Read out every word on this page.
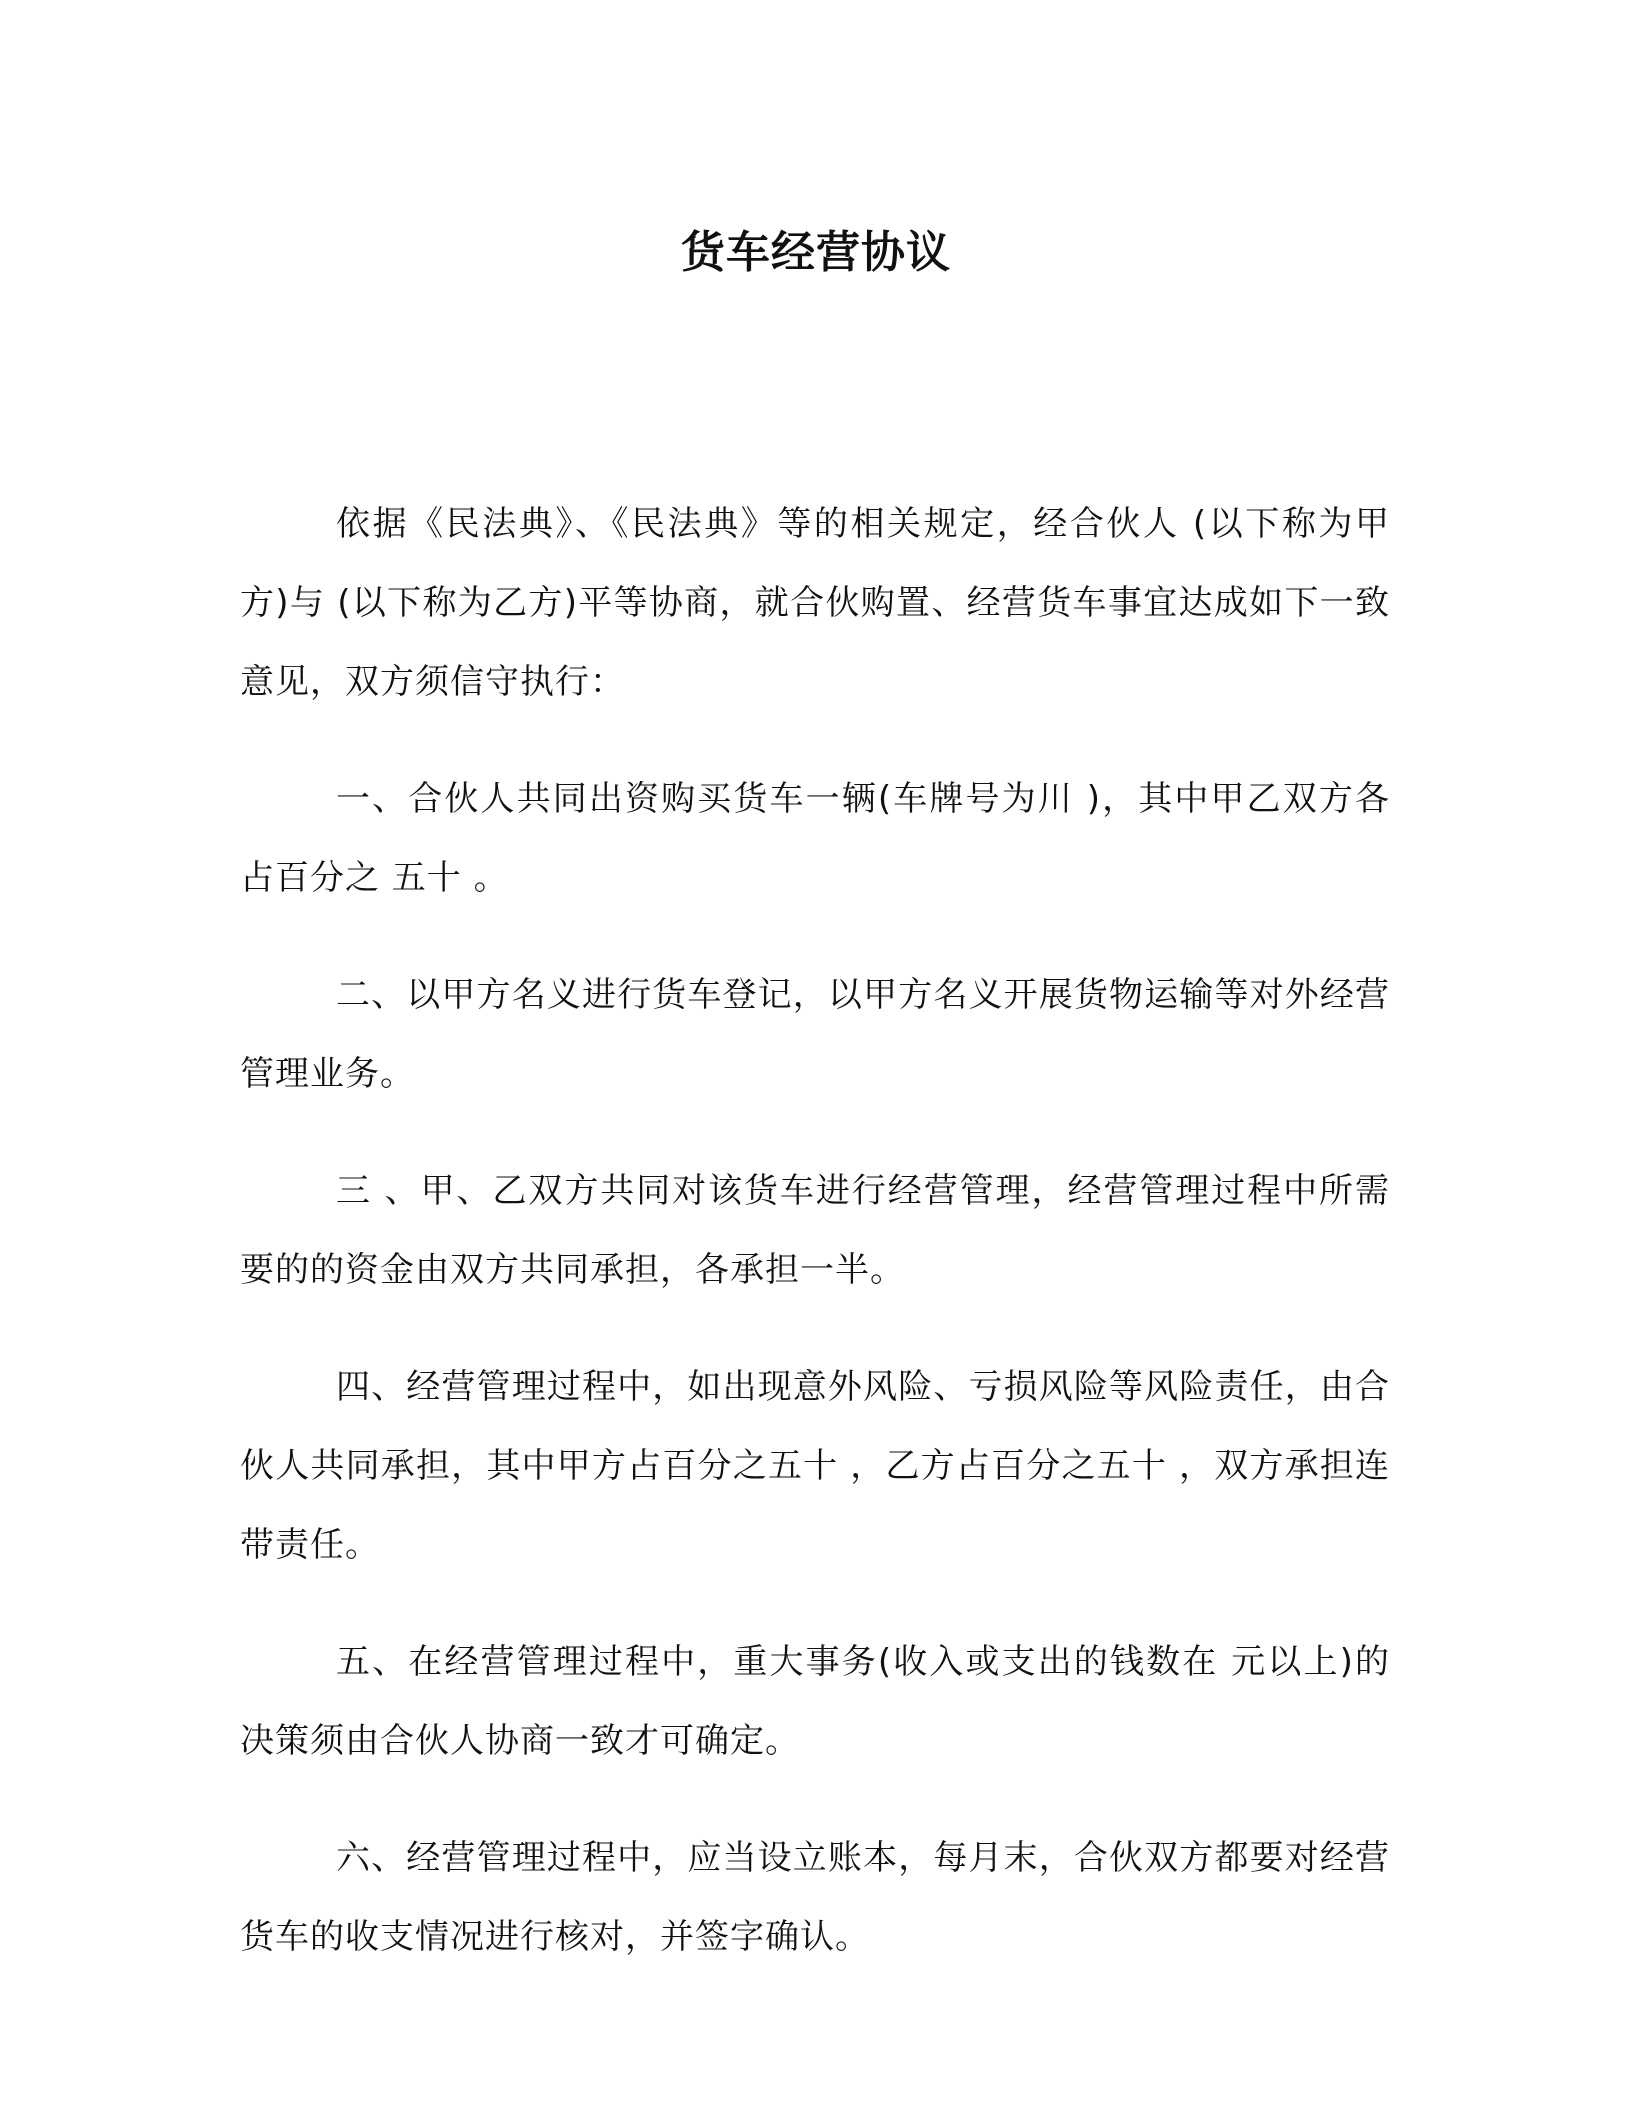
货车经营协议

依据《民法典》、《民法典》等的相关规定，经合伙人 (以下称为甲方)与 (以下称为乙方)平等协商，就合伙购置、经营货车事宜达成如下一致意见，双方须信守执行：

一、合伙人共同出资购买货车一辆(车牌号为川 )，其中甲乙双方各占百分之 五十 。

二、以甲方名义进行货车登记，以甲方名义开展货物运输等对外经营管理业务。

三 、甲、乙双方共同对该货车进行经营管理，经营管理过程中所需要的的资金由双方共同承担，各承担一半。

四、经营管理过程中，如出现意外风险、亏损风险等风险责任，由合伙人共同承担，其中甲方占百分之五十 ，乙方占百分之五十 ，双方承担连带责任。

五、在经营管理过程中，重大事务(收入或支出的钱数在 元以上)的决策须由合伙人协商一致才可确定。

六、经营管理过程中，应当设立账本，每月末，合伙双方都要对经营货车的收支情况进行核对，并签字确认。
